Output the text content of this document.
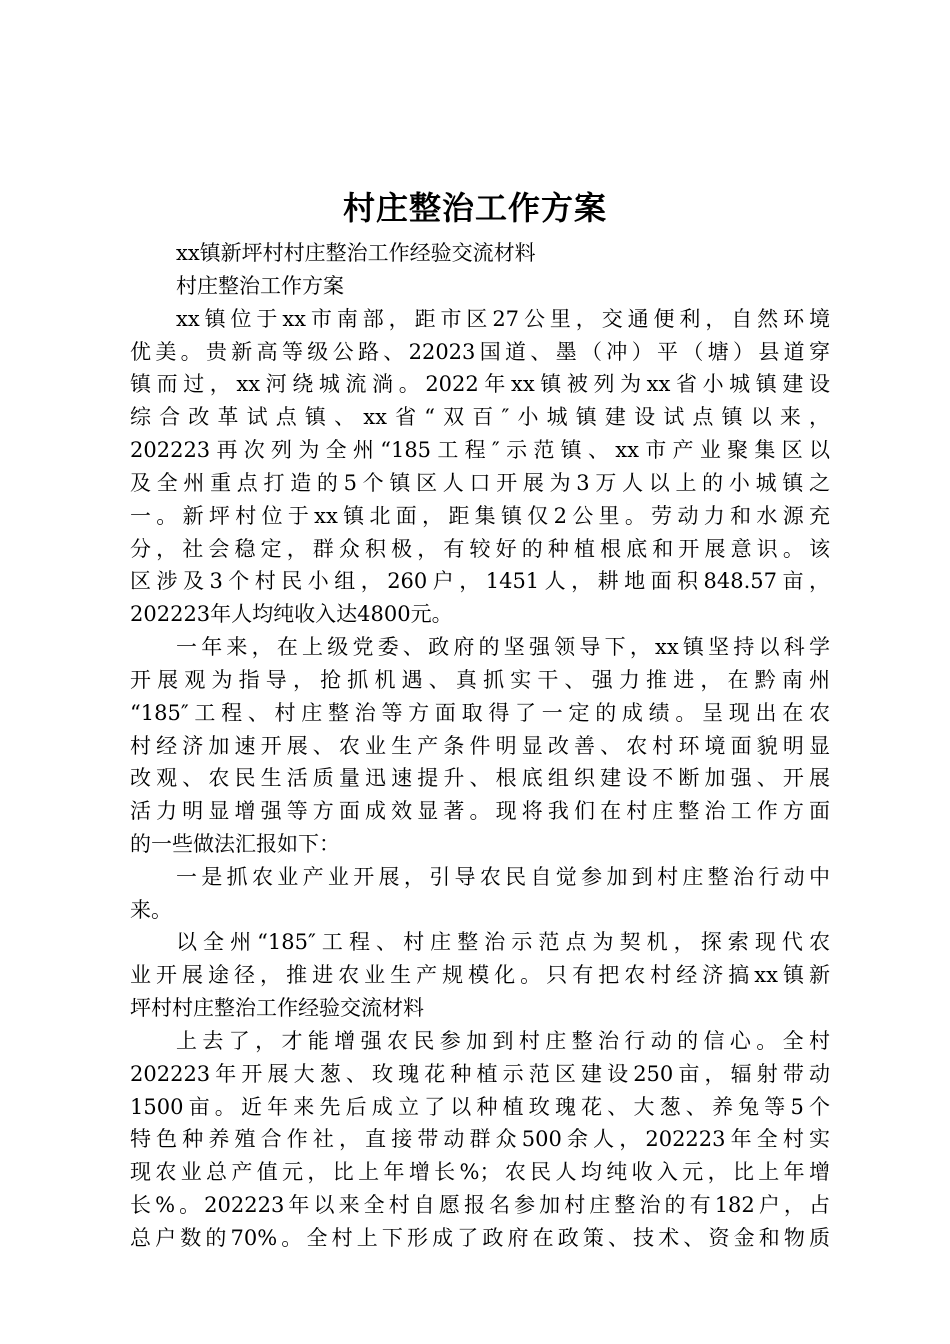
村庄整治工作方案
xx镇新坪村村庄整治工作经验交流材料
村庄整治工作方案
xx镇位于xx市南部，距市区27公里，交通便利，自然环境
优美。贵新高等级公路、22023国道、墨（冲）平（塘）县道穿
镇而过，xx河绕城流淌。2022年xx镇被列为xx省小城镇建设
综合改革试点镇、xx省“双百″小城镇建设试点镇以来，
202223再次列为全州“185工程″示范镇、xx市产业聚集区以
及全州重点打造的5个镇区人口开展为3万人以上的小城镇之
一。新坪村位于xx镇北面，距集镇仅2公里。劳动力和水源充
分，社会稳定，群众积极，有较好的种植根底和开展意识。该
区涉及3个村民小组，260户，1451人，耕地面积848.57亩，
202223年人均纯收入达4800元。
一年来，在上级党委、政府的坚强领导下，xx镇坚持以科学
开展观为指导，抢抓机遇、真抓实干、强力推进，在黔南州
“185″工程、村庄整治等方面取得了一定的成绩。呈现出在农
村经济加速开展、农业生产条件明显改善、农村环境面貌明显
改观、农民生活质量迅速提升、根底组织建设不断加强、开展
活力明显增强等方面成效显著。现将我们在村庄整治工作方面
的一些做法汇报如下：
一是抓农业产业开展，引导农民自觉参加到村庄整治行动中
来。
以全州“185″工程、村庄整治示范点为契机，探索现代农
业开展途径，推进农业生产规模化。只有把农村经济搞xx镇新
坪村村庄整治工作经验交流材料
上去了，才能增强农民参加到村庄整治行动的信心。全村
202223年开展大葱、玫瑰花种植示范区建设250亩，辐射带动
1500亩。近年来先后成立了以种植玫瑰花、大葱、养兔等5个
特色种养殖合作社，直接带动群众500余人，202223年全村实
现农业总产值元，比上年增长%；农民人均纯收入元，比上年增
长%。202223年以来全村自愿报名参加村庄整治的有182户，占
总户数的70%。全村上下形成了政府在政策、技术、资金和物质
